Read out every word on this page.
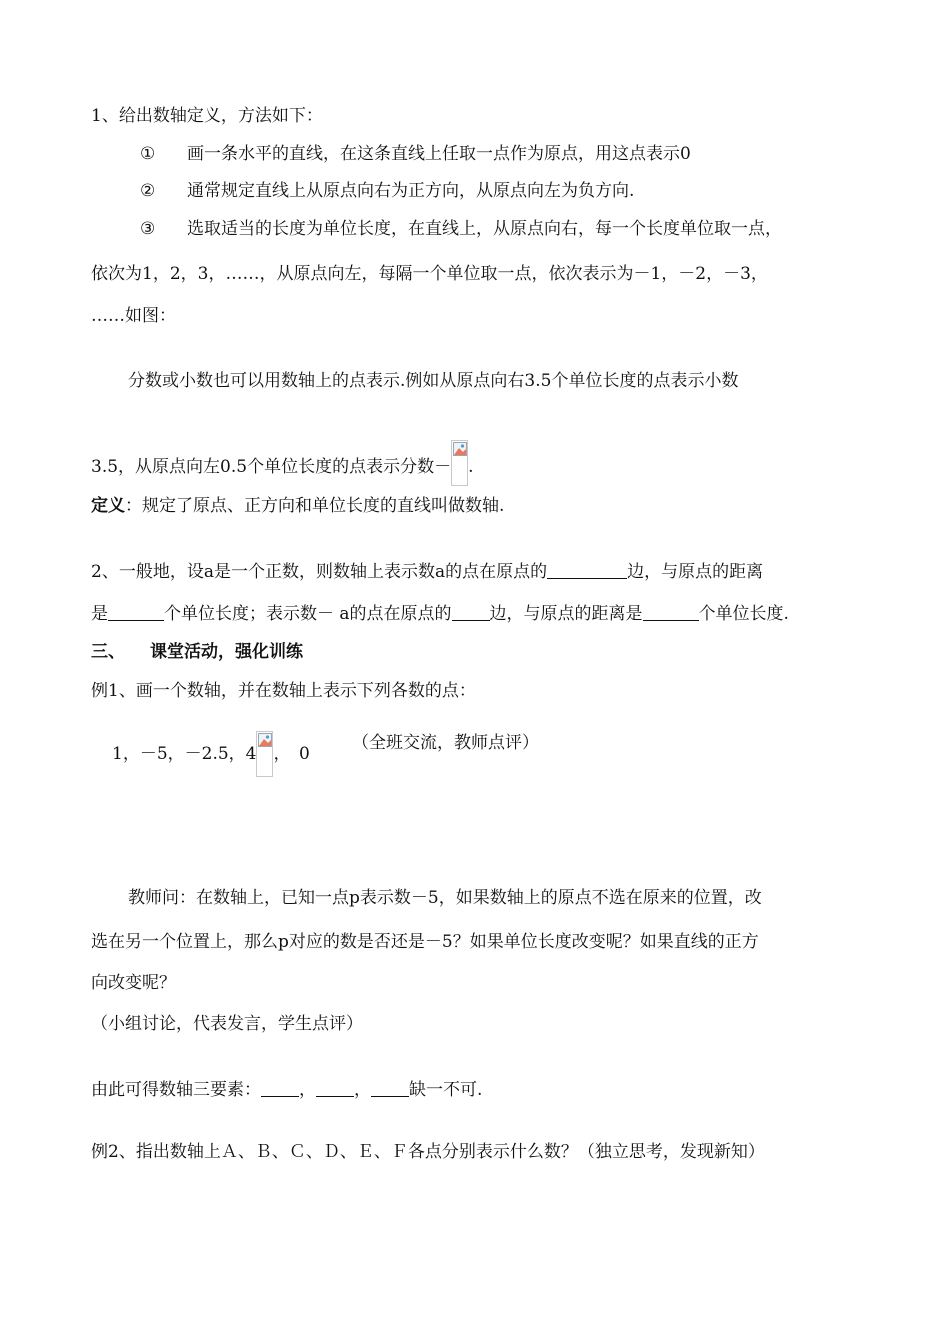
1、给出数轴定义，方法如下：
① 画一条水平的直线，在这条直线上任取一点作为原点，用这点表示0
② 通常规定直线上从原点向右为正方向，从原点向左为负方向.
③ 选取适当的长度为单位长度，在直线上，从原点向右，每一个长度单位取一点，
依次为1，2，3，……，从原点向左，每隔一个单位取一点，依次表示为－1，－2，－3，
……如图：
分数或小数也可以用数轴上的点表示.例如从原点向右3.5个单位长度的点表示小数
3.5，从原点向左0.5个单位长度的点表示分数－ .
定义：规定了原点、正方向和单位长度的直线叫做数轴.
2、一般地，设a是一个正数，则数轴上表示数a的点在原点的	边，与原点的距离
是	个单位长度；表示数－ a的点在原点的 边，与原点的距离是	个单位长度.
三、 课堂活动，强化训练
例1、画一个数轴，并在数轴上表示下列各数的点：
1，－5，－2.5，4 ，　0
（全班交流，教师点评）
教师问：在数轴上，已知一点p表示数－5，如果数轴上的原点不选在原来的位置，改
选在另一个位置上，那么p对应的数是否还是－5？如果单位长度改变呢？如果直线的正方
向改变呢？
（小组讨论，代表发言，学生点评）
由此可得数轴三要素： ， ， 缺一不可.
例2、指出数轴上Ａ、Ｂ、Ｃ、Ｄ、Ｅ、Ｆ各点分别表示什么数？（独立思考，发现新知）
